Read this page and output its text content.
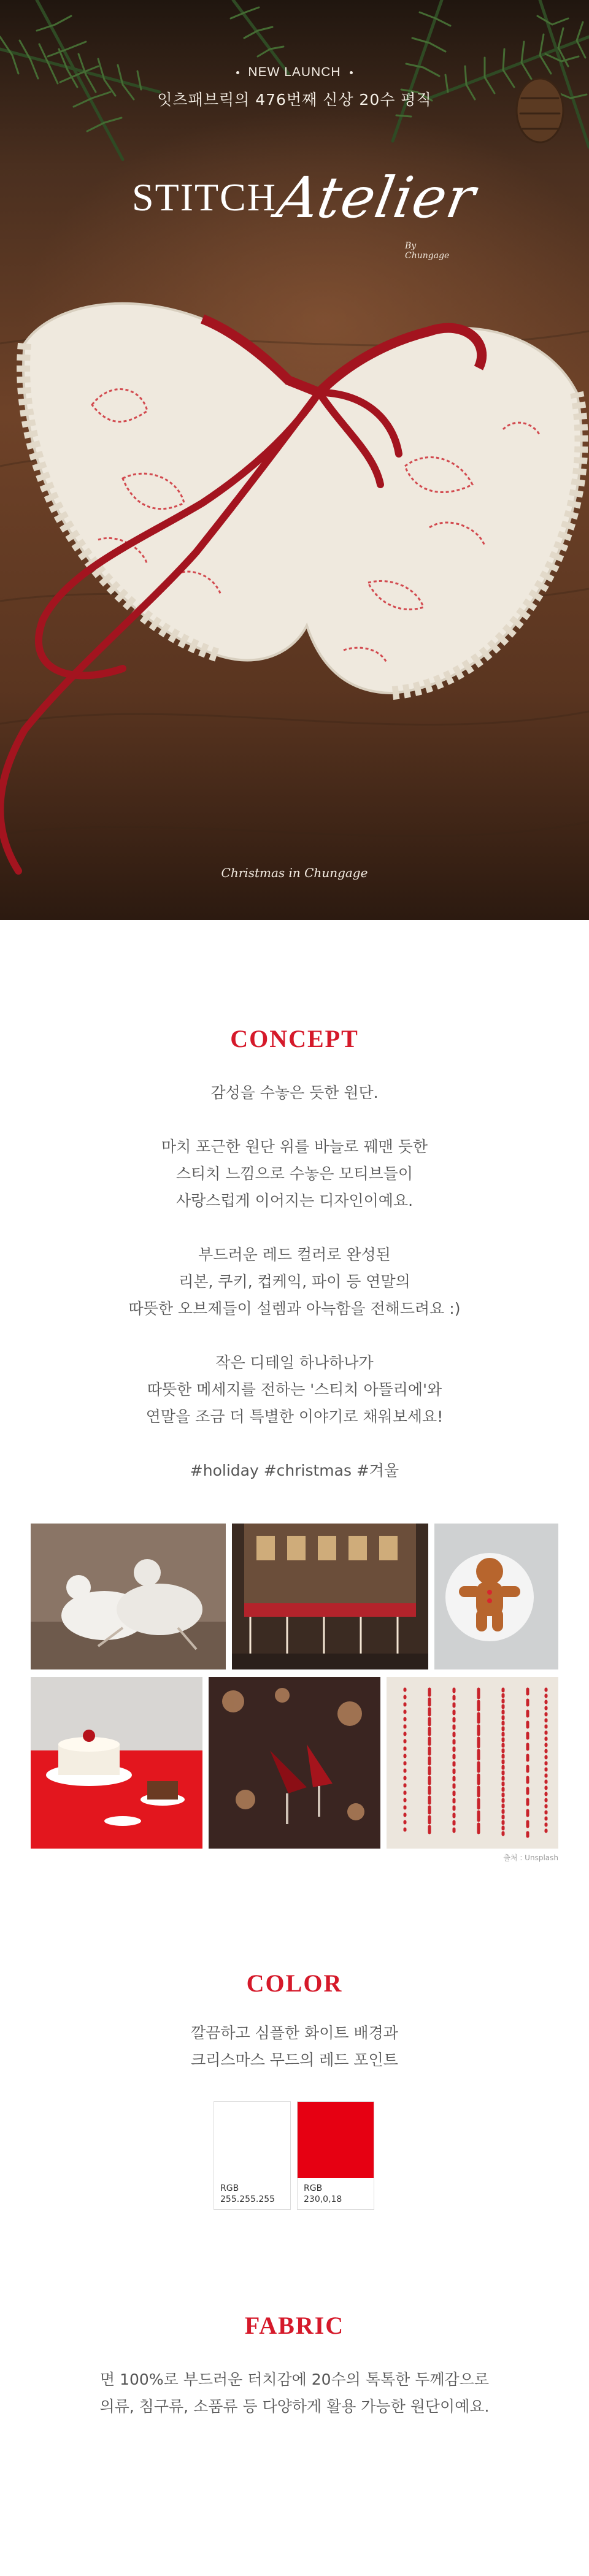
NEW LAUNCH
잇츠패브릭의 476번째 신상 20수 평직
STITCH
Atelier
By Chungage
Christmas in Chungage
CONCEPT
감성을 수놓은 듯한 원단.

마치 포근한 원단 위를 바늘로 꿰맨 듯한
스티치 느낌으로 수놓은 모티브들이
사랑스럽게 이어지는 디자인이예요.

부드러운 레드 컬러로 완성된
리본, 쿠키, 컵케익, 파이 등 연말의
따뜻한 오브제들이 설렘과 아늑함을 전해드려요 :)

작은 디테일 하나하나가
따뜻한 메세지를 전하는 '스티치 아뜰리에'와
연말을 조금 더 특별한 이야기로 채워보세요!

#holiday #christmas #겨울
출처 : Unsplash
COLOR
깔끔하고 심플한 화이트 배경과
크리스마스 무드의 레드 포인트
RGB
255.255.255
RGB
230,0,18
FABRIC
면 100%로 부드러운 터치감에 20수의 톡톡한 두께감으로
의류, 침구류, 소품류 등 다양하게 활용 가능한 원단이예요.
